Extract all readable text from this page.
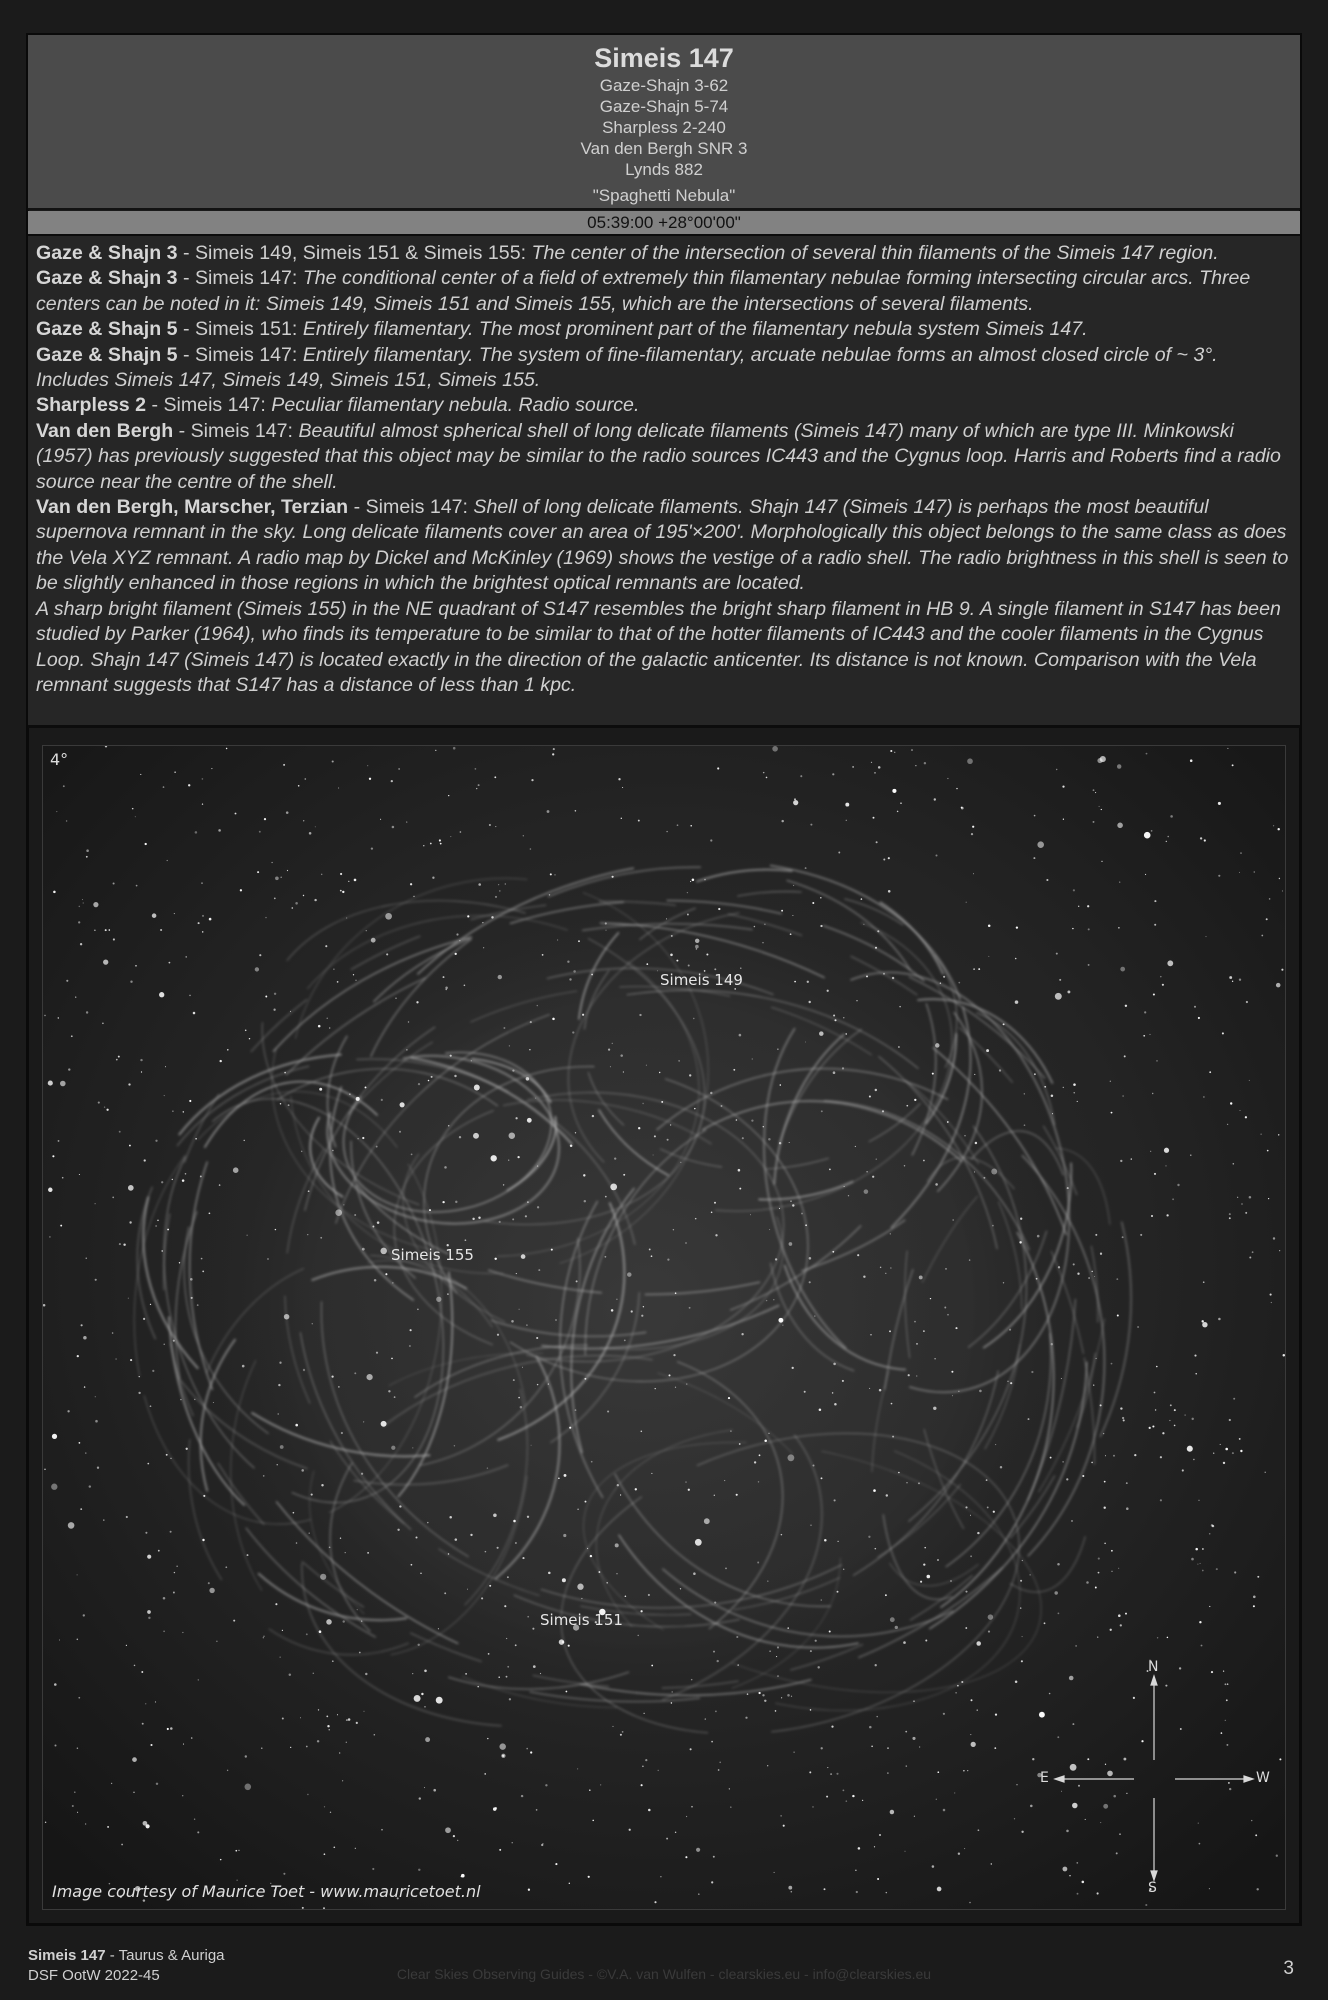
Simeis 147
Gaze-Shajn 3-62
Gaze-Shajn 5-74
Sharpless 2-240
Van den Bergh SNR 3
Lynds 882
"Spaghetti Nebula"
05:39:00 +28°00'00"

Gaze & Shajn 3 - Simeis 149, Simeis 151 & Simeis 155: The center of the intersection of several thin filaments of the Simeis 147 region.

Gaze & Shajn 3 - Simeis 147: The conditional center of a field of extremely thin filamentary nebulae forming intersecting circular arcs. Three centers can be noted in it: Simeis 149, Simeis 151 and Simeis 155, which are the intersections of several filaments.

Gaze & Shajn 5 - Simeis 151: Entirely filamentary. The most prominent part of the filamentary nebula system Simeis 147.

Gaze & Shajn 5 - Simeis 147: Entirely filamentary. The system of fine-filamentary, arcuate nebulae forms an almost closed circle of ~ 3°. Includes Simeis 147, Simeis 149, Simeis 151, Simeis 155.

Sharpless 2 - Simeis 147: Peculiar filamentary nebula. Radio source.

Van den Bergh - Simeis 147: Beautiful almost spherical shell of long delicate filaments (Simeis 147) many of which are type III. Minkowski (1957) has previously suggested that this object may be similar to the radio sources IC443 and the Cygnus loop. Harris and Roberts find a radio source near the centre of the shell.

Van den Bergh, Marscher, Terzian - Simeis 147: Shell of long delicate filaments. Shajn 147 (Simeis 147) is perhaps the most beautiful supernova remnant in the sky. Long delicate filaments cover an area of 195'×200'. Morphologically this object belongs to the same class as does the Vela XYZ remnant. A radio map by Dickel and McKinley (1969) shows the vestige of a radio shell. The radio brightness in this shell is seen to be slightly enhanced in those regions in which the brightest optical remnants are located.

A sharp bright filament (Simeis 155) in the NE quadrant of S147 resembles the bright sharp filament in HB 9. A single filament in S147 has been studied by Parker (1964), who finds its temperature to be similar to that of the hotter filaments of IC443 and the cooler filaments in the Cygnus Loop. Shajn 147 (Simeis 147) is located exactly in the direction of the galactic anticenter. Its distance is not known. Comparison with the Vela remnant suggests that S147 has a distance of less than 1 kpc.

4°
Simeis 149
Simeis 155
Simeis 151
N
E	W
S
Image courtesy of Maurice Toet - www.mauricetoet.nl
Simeis 147 - Taurus & Auriga
DSF OotW 2022-45	Clear Skies Observing Guides - ©V.A. van Wulfen - clearskies.eu - info@clearskies.eu	3
